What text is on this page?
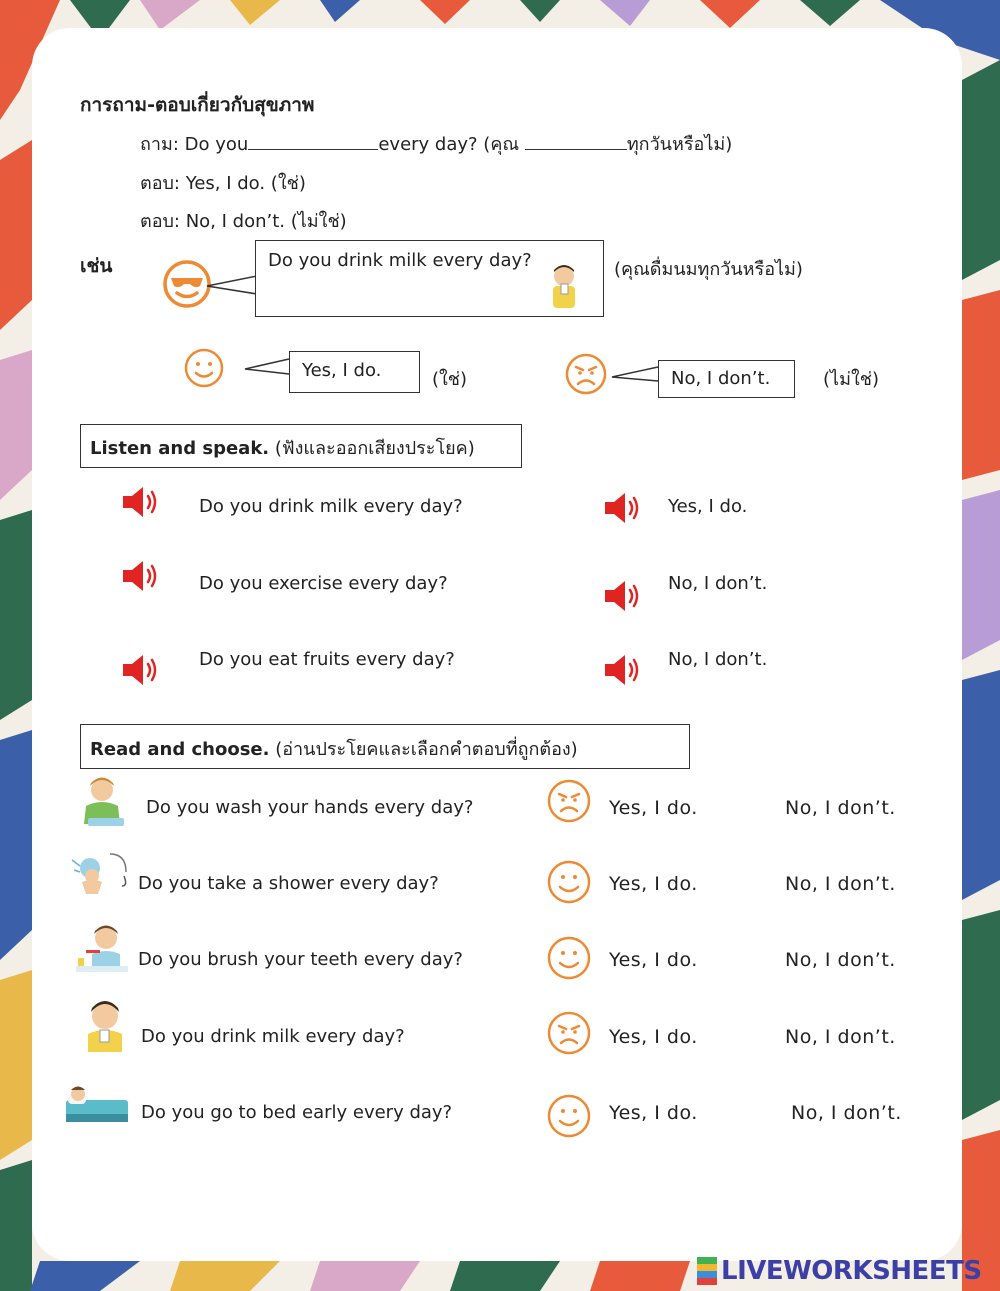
การถาม-ตอบเกี่ยวกับสุขภาพ
ถาม: Do you	every day? (คุณ	ทุกวันหรือไม่)
ตอบ: Yes, I do. (ใช่)
ตอบ: No, I don’t. (ไม่ใช่)
เช่น	Do you drink milk every day?	(คุณดื่มนมทุกวันหรือไม่)
Yes, I do.	(ใช่)	No, I don’t.	(ไม่ใช่)
Listen and speak. (ฟังและออกเสียงประโยค)
Do you drink milk every day?	Yes, I do.
Do you exercise every day?	No, I don’t.
Do you eat fruits every day?	No, I don’t.
Read and choose. (อ่านประโยคและเลือกคำตอบที่ถูกต้อง)
Do you wash your hands every day?	Yes, I do.	No, I don’t.
Do you take a shower every day?	Yes, I do.	No, I don’t.
Do you brush your teeth every day?	Yes, I do.	No, I don’t.
Do you drink milk every day?	Yes, I do.	No, I don’t.
Do you go to bed early every day?	Yes, I do.	No, I don’t.
LIVEWORKSHEETS
